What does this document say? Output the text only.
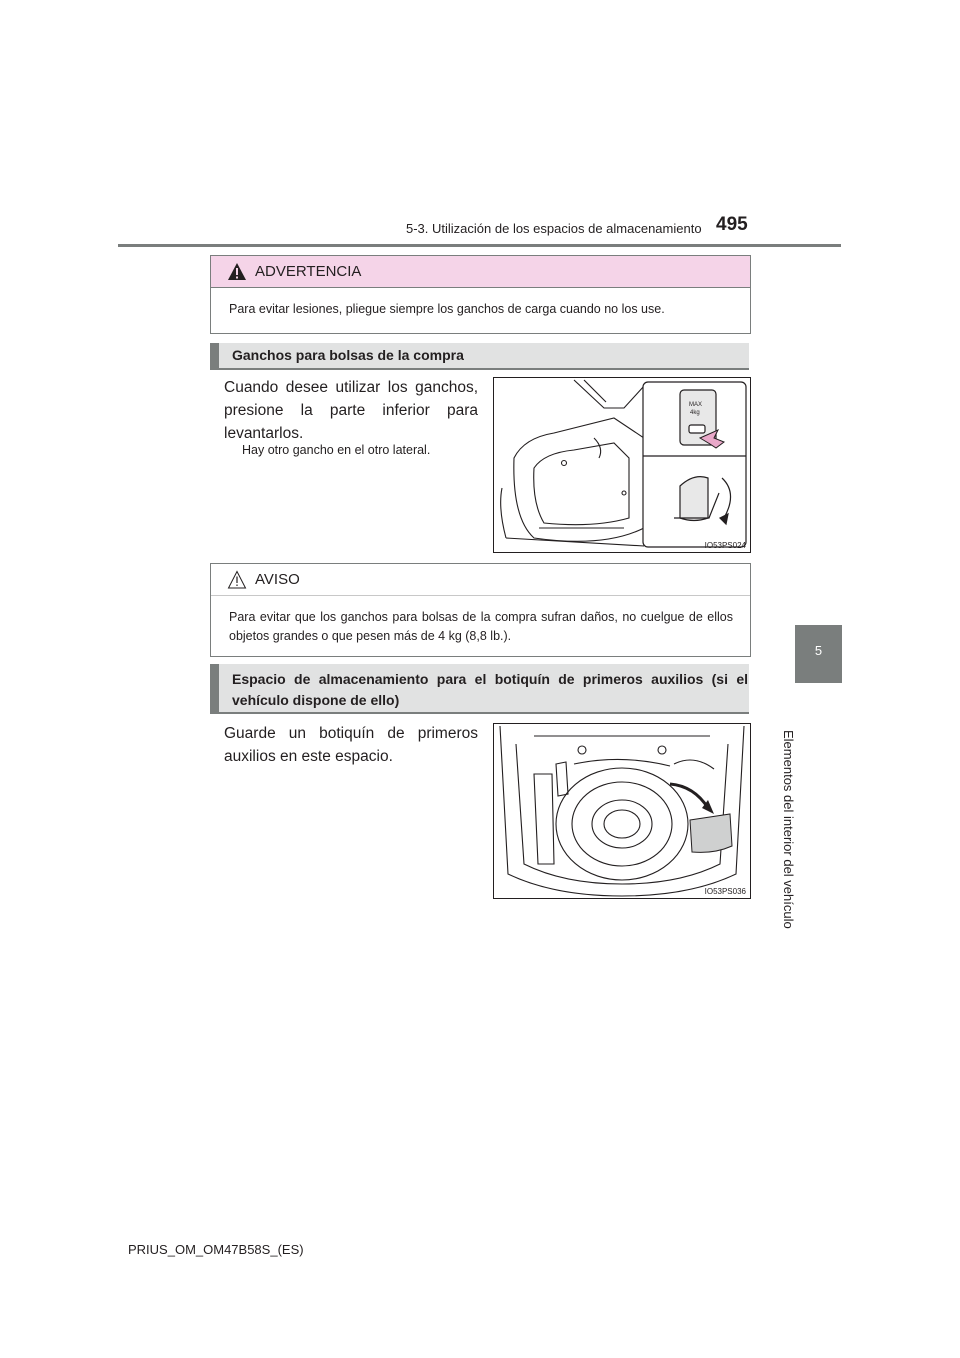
5-3. Utilización de los espacios de almacenamiento 495
5
Elementos del interior del vehículo
ADVERTENCIA
Para evitar lesiones, pliegue siempre los ganchos de carga cuando no los use.
Ganchos para bolsas de la compra
Cuando desee utilizar los ganchos, presione la parte inferior para levantarlos.
Hay otro gancho en el otro lateral.
MAX
4kg
IO53PS024
AVISO
Para evitar que los ganchos para bolsas de la compra sufran daños, no cuelgue de ellos objetos grandes o que pesen más de 4 kg (8,8 lb.).
Espacio de almacenamiento para el botiquín de primeros auxilios (si el vehículo dispone de ello)
Guarde un botiquín de primeros auxilios en este espacio.
IO53PS036
PRIUS_OM_OM47B58S_(ES)
